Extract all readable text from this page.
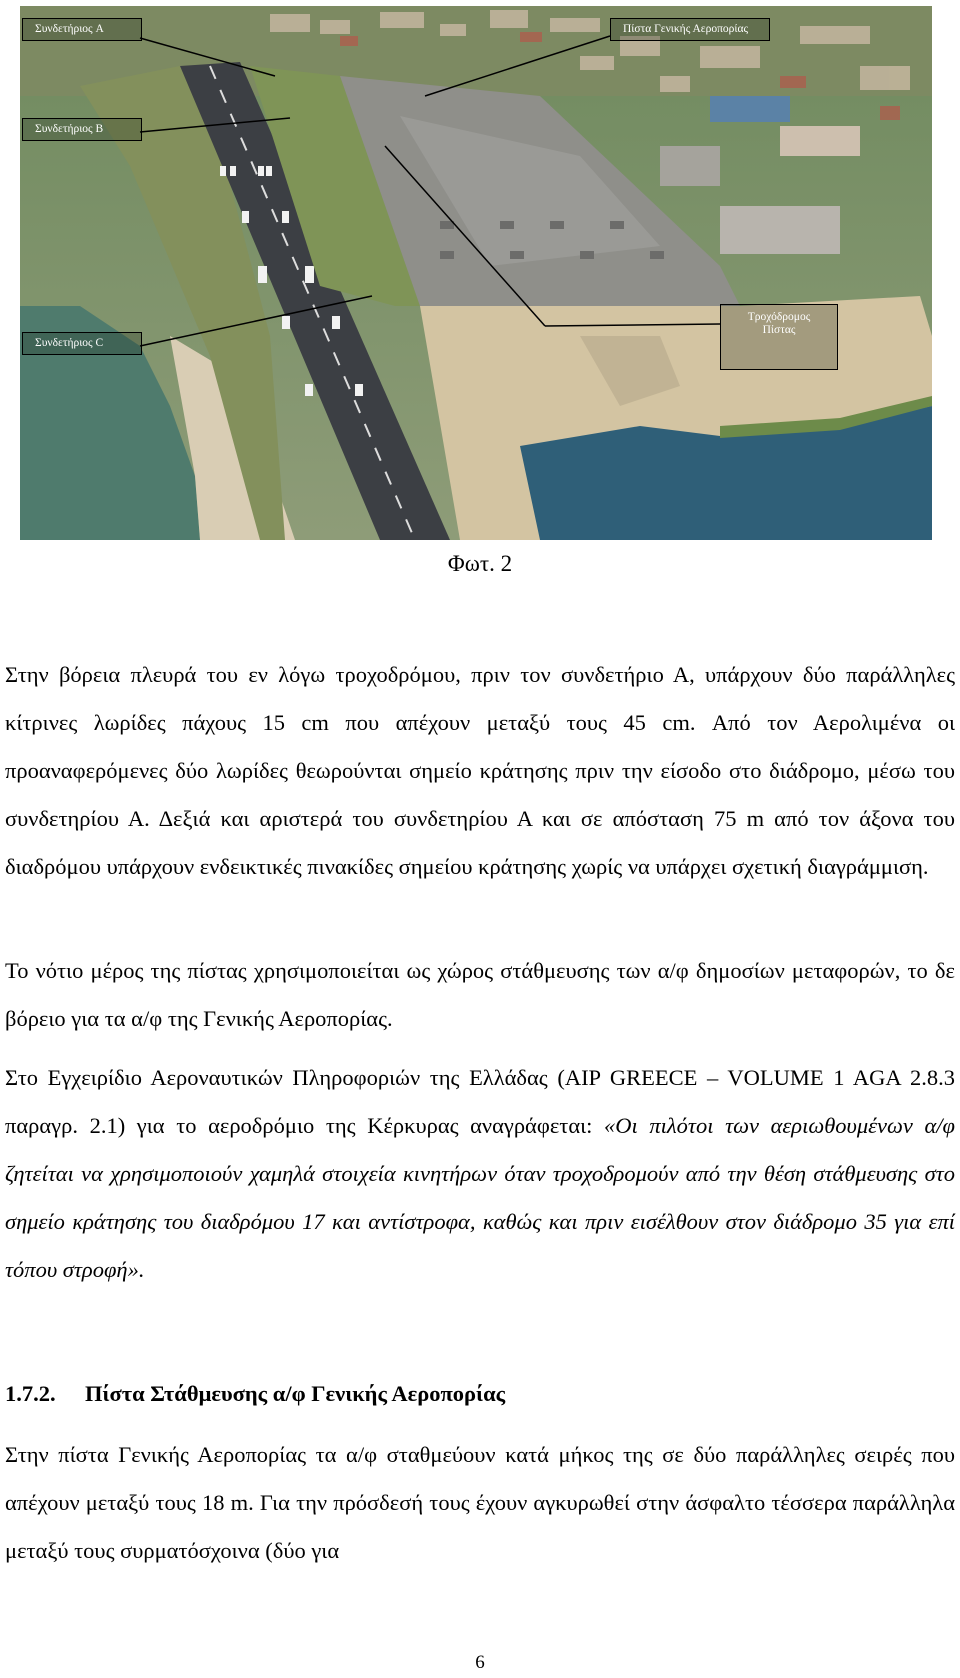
Συνδετήριος A	Πίστα Γενικής Αεροπορίας
Συνδετήριος B
Συνδετήριος C
Τροχόδρομος
Πίστας
Φωτ. 2

Στην βόρεια πλευρά του εν λόγω τροχοδρόμου, πριν τον συνδετήριο Α, υπάρχουν δύο παράλληλες κίτρινες λωρίδες πάχους 15 cm που απέχουν μεταξύ τους 45 cm. Από τον Αερολιμένα οι προαναφερόμενες δύο λωρίδες θεωρούνται σημείο κράτησης πριν την είσοδο στο διάδρομο, μέσω του συνδετηρίου Α. Δεξιά και αριστερά του συνδετηρίου Α και σε απόσταση 75 m από τον άξονα του διαδρόμου υπάρχουν ενδεικτικές πινακίδες σημείου κράτησης χωρίς να υπάρχει σχετική διαγράμμιση.

Το νότιο μέρος της πίστας χρησιμοποιείται ως χώρος στάθμευσης των α/φ δημοσίων μεταφορών, το δε βόρειο για τα α/φ της Γενικής Αεροπορίας.

Στο Εγχειρίδιο Αεροναυτικών Πληροφοριών της Ελλάδας (AIP GREECE – VOLUME 1 AGA 2.8.3 παραγρ. 2.1) για το αεροδρόμιο της Κέρκυρας αναγράφεται: «Οι πιλότοι των αεριωθουμένων α/φ ζητείται να χρησιμοποιούν χαμηλά στοιχεία κινητήρων όταν τροχοδρομούν από την θέση στάθμευσης στο σημείο κράτησης του διαδρόμου 17 και αντίστροφα, καθώς και πριν εισέλθουν στον διάδρομο 35 για επί τόπου στροφή».

1.7.2. Πίστα Στάθμευσης α/φ Γενικής Αεροπορίας

Στην πίστα Γενικής Αεροπορίας τα α/φ σταθμεύουν κατά μήκος της σε δύο παράλληλες σειρές που απέχουν μεταξύ τους 18 m. Για την πρόσδεσή τους έχουν αγκυρωθεί στην άσφαλτο τέσσερα παράλληλα μεταξύ τους συρματόσχοινα (δύο για

6
